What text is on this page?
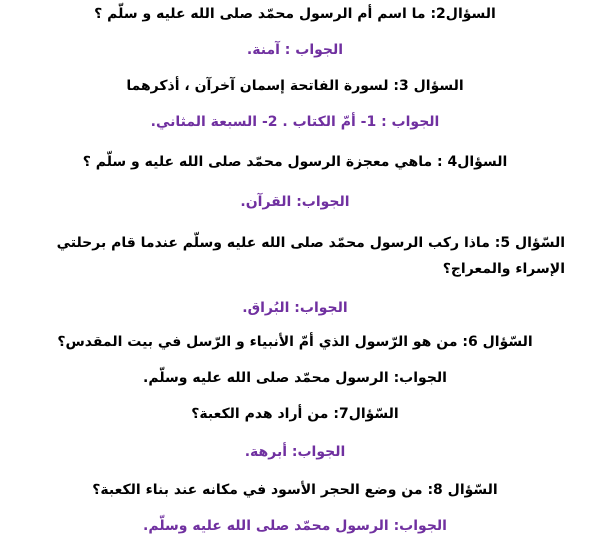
السؤال2: ما اسم أم الرسول محمّد صلى الله عليه و سلّم ؟
الجواب : آمنة.
السؤال 3: لسورة الفاتحة إسمان آخرآن ، أذكرهما
الجواب : 1- أمّ الكتاب . 2- السبعة المثاني.
السؤال4 : ماهي معجزة الرسول محمّد صلى الله عليه و سلّم ؟
الجواب: القرآن.
السّؤال 5: ماذا ركب الرسول محمّد صلى الله عليه وسلّم عندما قام برحلتي الإسراء والمعراج؟
الجواب: البُراق.
السّؤال 6: من هو الرّسول الذي أمّ الأنبياء و الرّسل في بيت المقدس؟
الجواب: الرسول محمّد صلى الله عليه وسلّم.
السّؤال7: من أراد هدم الكعبة؟
الجواب: أبرهة.
السّؤال 8: من وضع الحجر الأسود في مكانه عند بناء الكعبة؟
الجواب: الرسول محمّد صلى الله عليه وسلّم.
